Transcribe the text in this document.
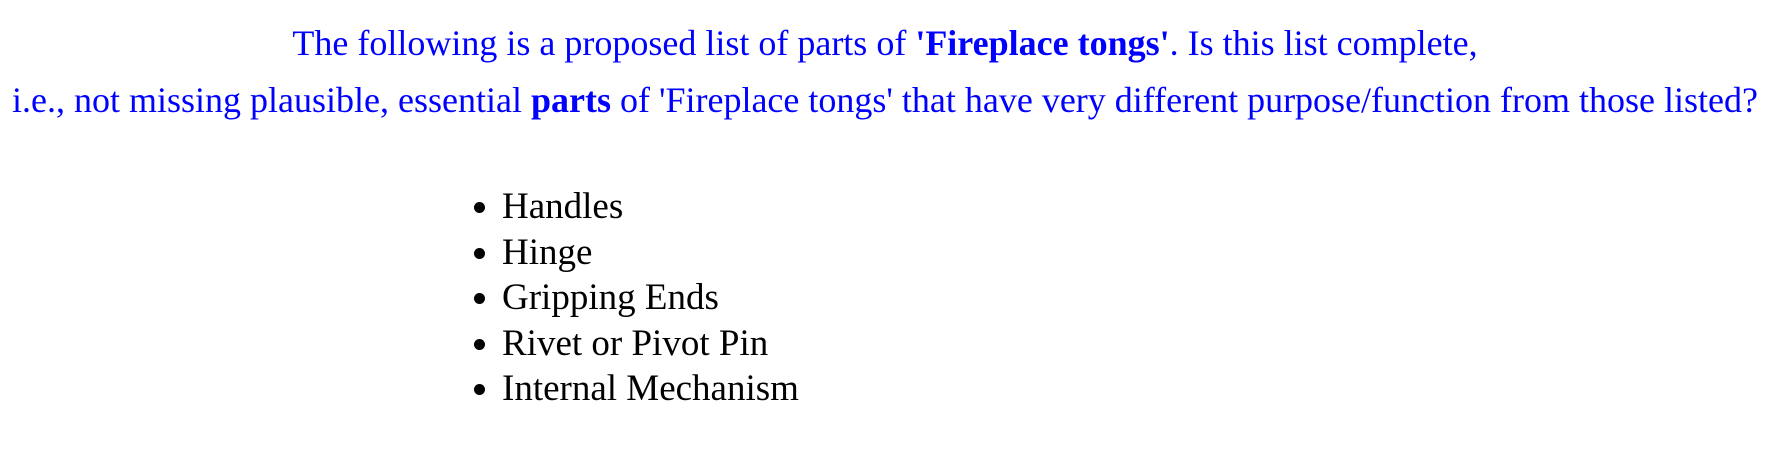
The following is a proposed list of parts of 'Fireplace tongs'. Is this list complete,
i.e., not missing plausible, essential parts of 'Fireplace tongs' that have very different purpose/function from those listed?
• Handles
• Hinge
• Gripping Ends
• Rivet or Pivot Pin
• Internal Mechanism
